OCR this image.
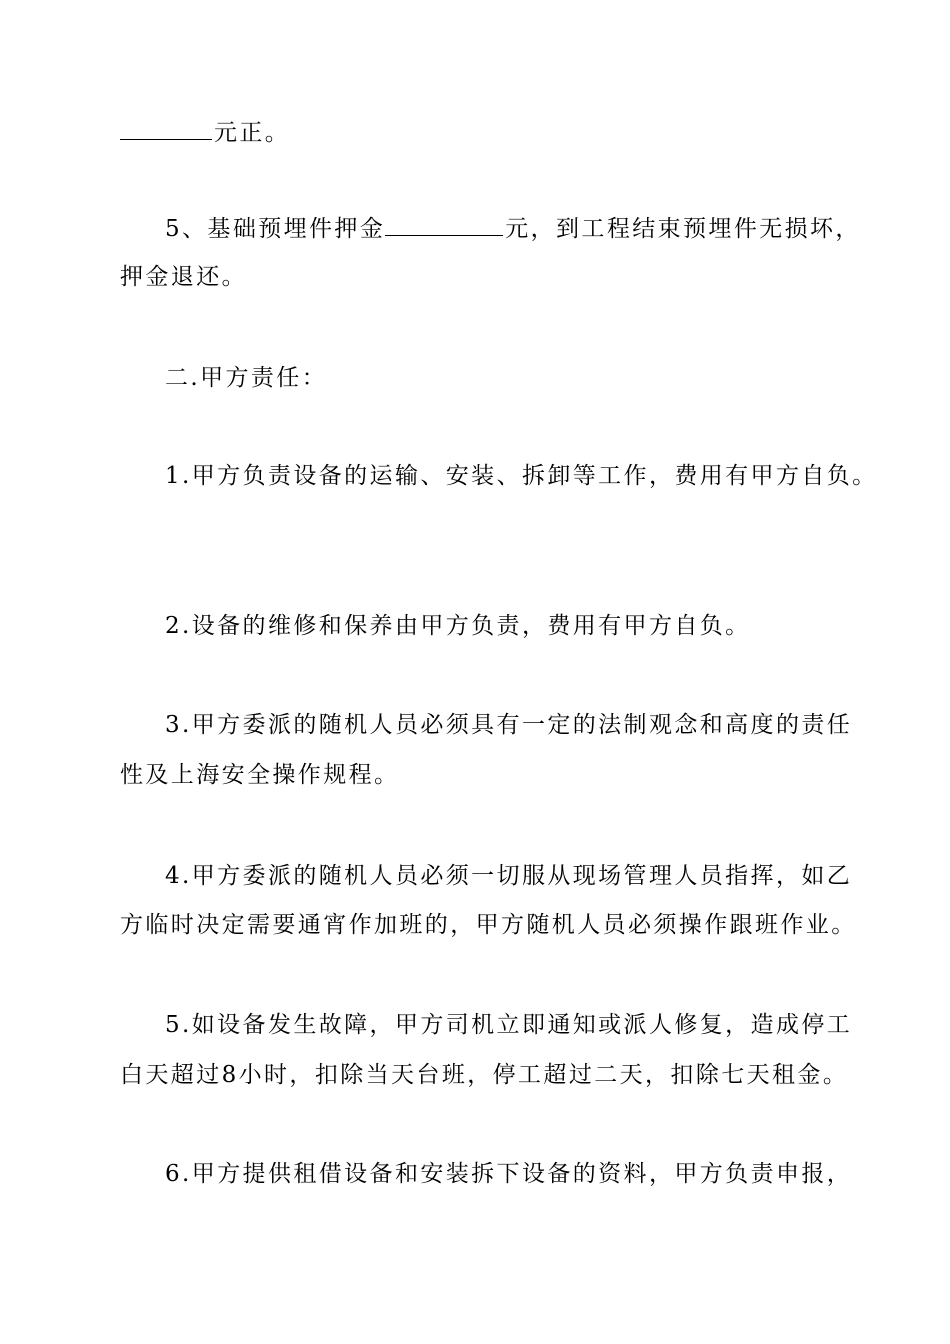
元正。
5、基础预埋件押金	元，到工程结束预埋件无损坏，
押金退还。
二.甲方责任：
1.甲方负责设备的运输、安装、拆卸等工作，费用有甲方自负。
2.设备的维修和保养由甲方负责，费用有甲方自负。
3.甲方委派的随机人员必须具有一定的法制观念和高度的责任
性及上海安全操作规程。
4.甲方委派的随机人员必须一切服从现场管理人员指挥，如乙
方临时决定需要通宵作加班的，甲方随机人员必须操作跟班作业。
5.如设备发生故障，甲方司机立即通知或派人修复，造成停工
白天超过8小时，扣除当天台班，停工超过二天，扣除七天租金。
6.甲方提供租借设备和安装拆下设备的资料，甲方负责申报，
